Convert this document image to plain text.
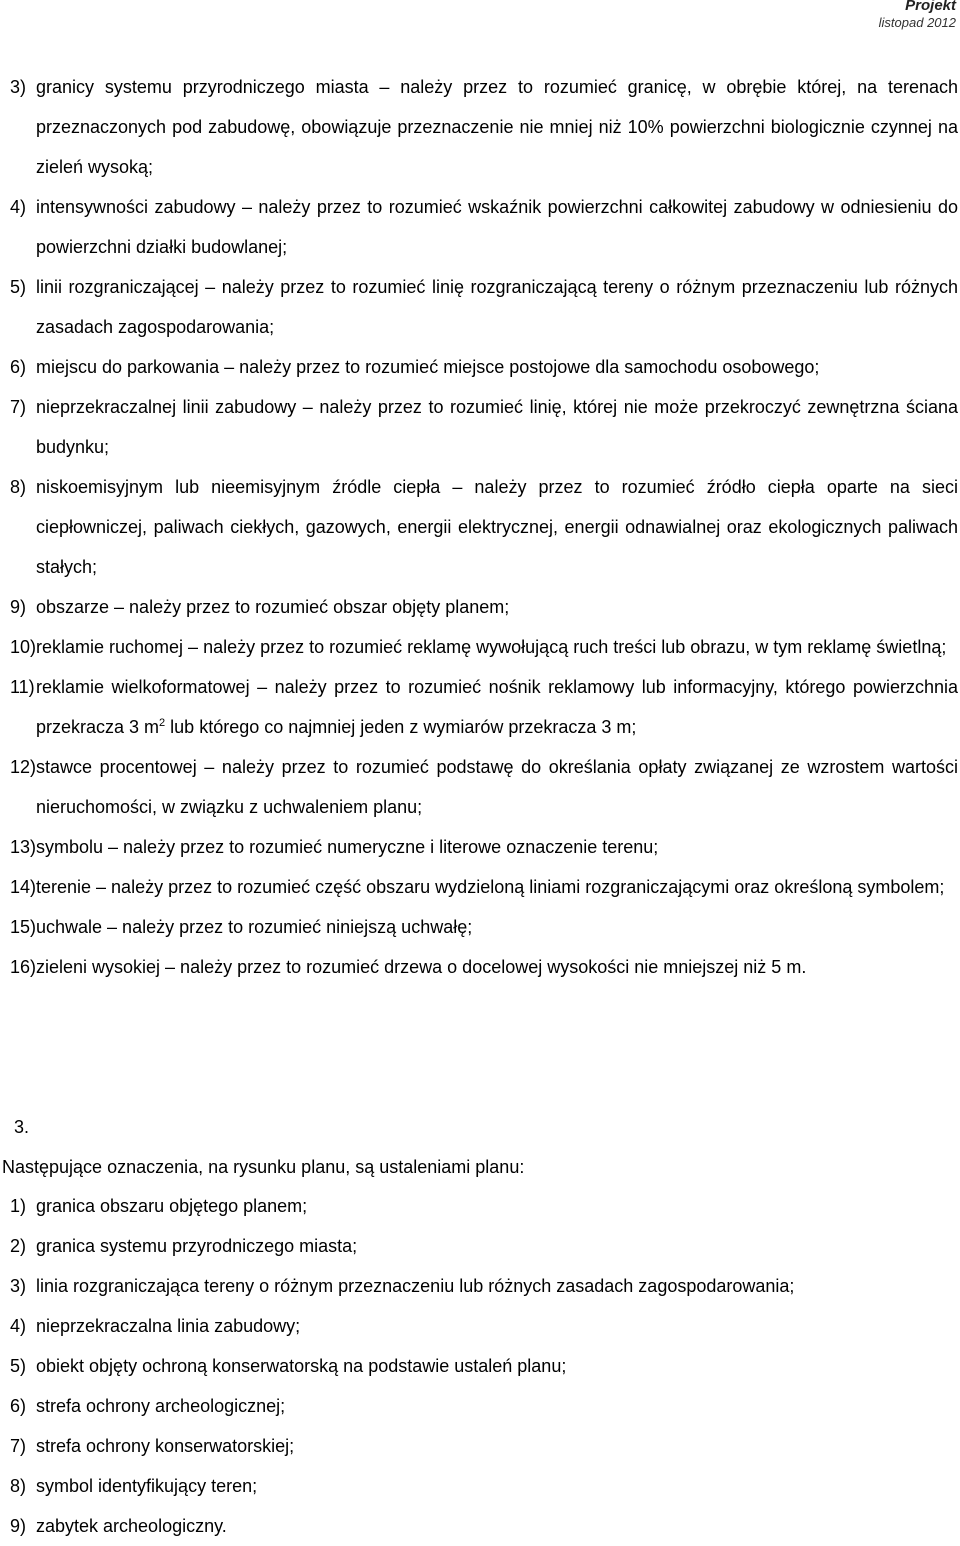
Projekt
listopad 2012
3) granicy systemu przyrodniczego miasta – należy przez to rozumieć granicę, w obrębie której, na terenach przeznaczonych pod zabudowę, obowiązuje przeznaczenie nie mniej niż 10% powierzchni biologicznie czynnej na zieleń wysoką;
4) intensywności zabudowy – należy przez to rozumieć wskaźnik powierzchni całkowitej zabudowy w odniesieniu do powierzchni działki budowlanej;
5) linii rozgraniczającej – należy przez to rozumieć linię rozgraniczającą tereny o różnym przeznaczeniu lub różnych zasadach zagospodarowania;
6) miejscu do parkowania – należy przez to rozumieć miejsce postojowe dla samochodu osobowego;
7) nieprzekraczalnej linii zabudowy – należy przez to rozumieć linię, której nie może przekroczyć zewnętrzna ściana budynku;
8) niskoemisyjnym lub nieemisyjnym źródle ciepła – należy przez to rozumieć źródło ciepła oparte na sieci ciepłowniczej, paliwach ciekłych, gazowych, energii elektrycznej, energii odnawialnej oraz ekologicznych paliwach stałych;
9) obszarze – należy przez to rozumieć obszar objęty planem;
10) reklamie ruchomej – należy przez to rozumieć reklamę wywołującą ruch treści lub obrazu, w tym reklamę świetlną;
11) reklamie wielkoformatowej – należy przez to rozumieć nośnik reklamowy lub informacyjny, którego powierzchnia przekracza 3 $m^2$ lub którego co najmniej jeden z wymiarów przekracza 3 m;
12) stawce procentowej – należy przez to rozumieć podstawę do określania opłaty związanej ze wzrostem wartości nieruchomości, w związku z uchwaleniem planu;
13) symbolu – należy przez to rozumieć numeryczne i literowe oznaczenie terenu;
14) terenie – należy przez to rozumieć część obszaru wydzieloną liniami rozgraniczającymi oraz określoną symbolem;
15) uchwale – należy przez to rozumieć niniejszą uchwałę;
16) zieleni wysokiej – należy przez to rozumieć drzewa o docelowej wysokości nie mniejszej niż 5 m.
3.
Następujące oznaczenia, na rysunku planu, są ustaleniami planu:
1) granica obszaru objętego planem;
2) granica systemu przyrodniczego miasta;
3) linia rozgraniczająca tereny o różnym przeznaczeniu lub różnych zasadach zagospodarowania;
4) nieprzekraczalna linia zabudowy;
5) obiekt objęty ochroną konserwatorską na podstawie ustaleń planu;
6) strefa ochrony archeologicznej;
7) strefa ochrony konserwatorskiej;
8) symbol identyfikujący teren;
9) zabytek archeologiczny.
